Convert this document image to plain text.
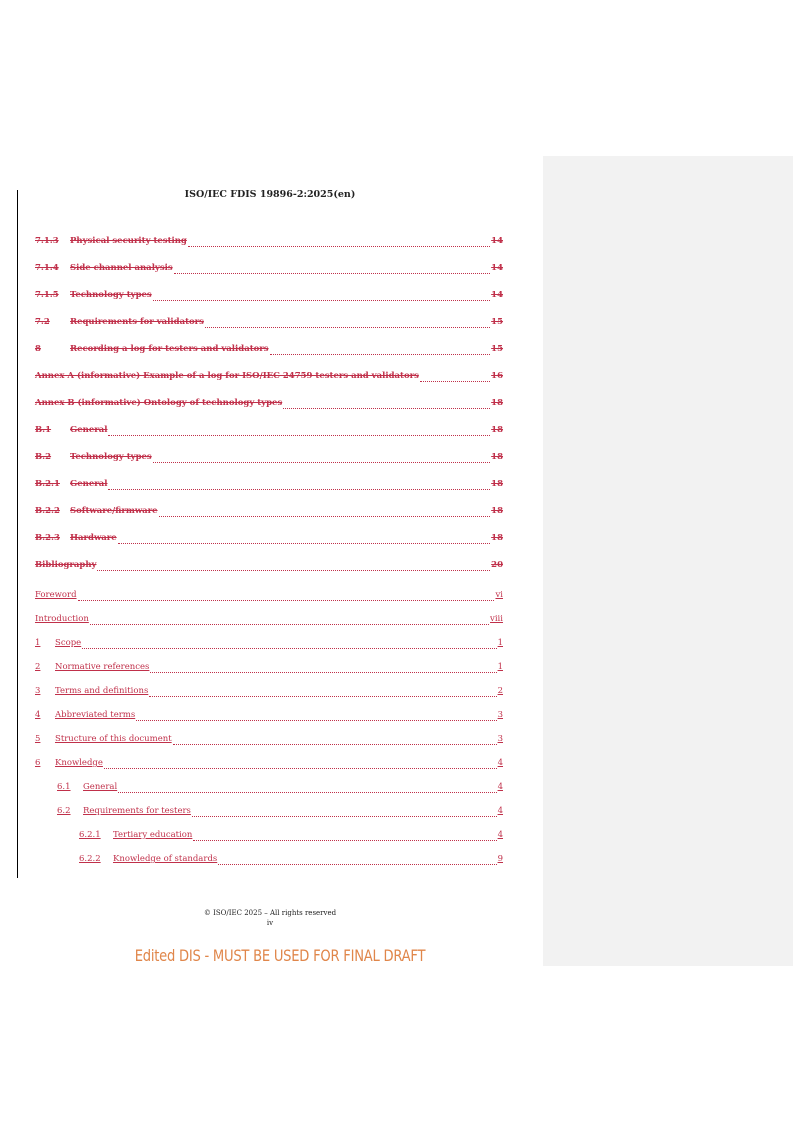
ISO/IEC FDIS 19896-2:2025(en)
7.1.3	Physical security testing	14
7.1.4	Side channel analysis	14
7.1.5	Technology types	14
7.2	Requirements for validators	15
8	Recording a log for testers and validators	15
Annex A (informative) Example of a log for ISO/IEC 24759 testers and validators	16
Annex B (informative) Ontology of technology types	18
B.1	General	18
B.2	Technology types	18
B.2.1	General	18
B.2.2	Software/firmware	18
B.2.3	Hardware	18
Bibliography	20
Foreword	vi
Introduction	viii
1	Scope	1
2	Normative references	1
3	Terms and definitions	2
4	Abbreviated terms	3
5	Structure of this document	3
6	Knowledge	4
6.1	General	4
6.2	Requirements for testers	4
6.2.1	Tertiary education	4
6.2.2	Knowledge of standards	9
© ISO/IEC 2025 – All rights reserved
iv
Edited DIS - MUST BE USED FOR FINAL DRAFT
